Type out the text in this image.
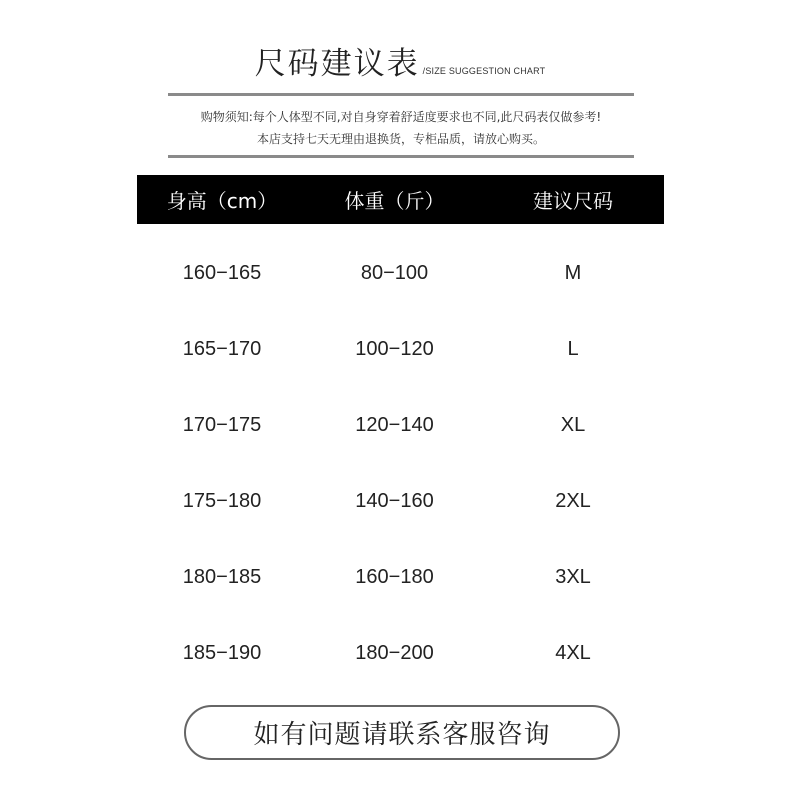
尺码建议表 /SIZE SUGGESTION CHART
购物须知:每个人体型不同,对自身穿着舒适度要求也不同,此尺码表仅做参考!
本店支持七天无理由退换货，专柜品质，请放心购买。
身高（cm）	体重（斤）	建议尺码
160−165	80−100	M
165−170	100−120	L
170−175	120−140	XL
175−180	140−160	2XL
180−185	160−180	3XL
185−190	180−200	4XL
如有问题请联系客服咨询
